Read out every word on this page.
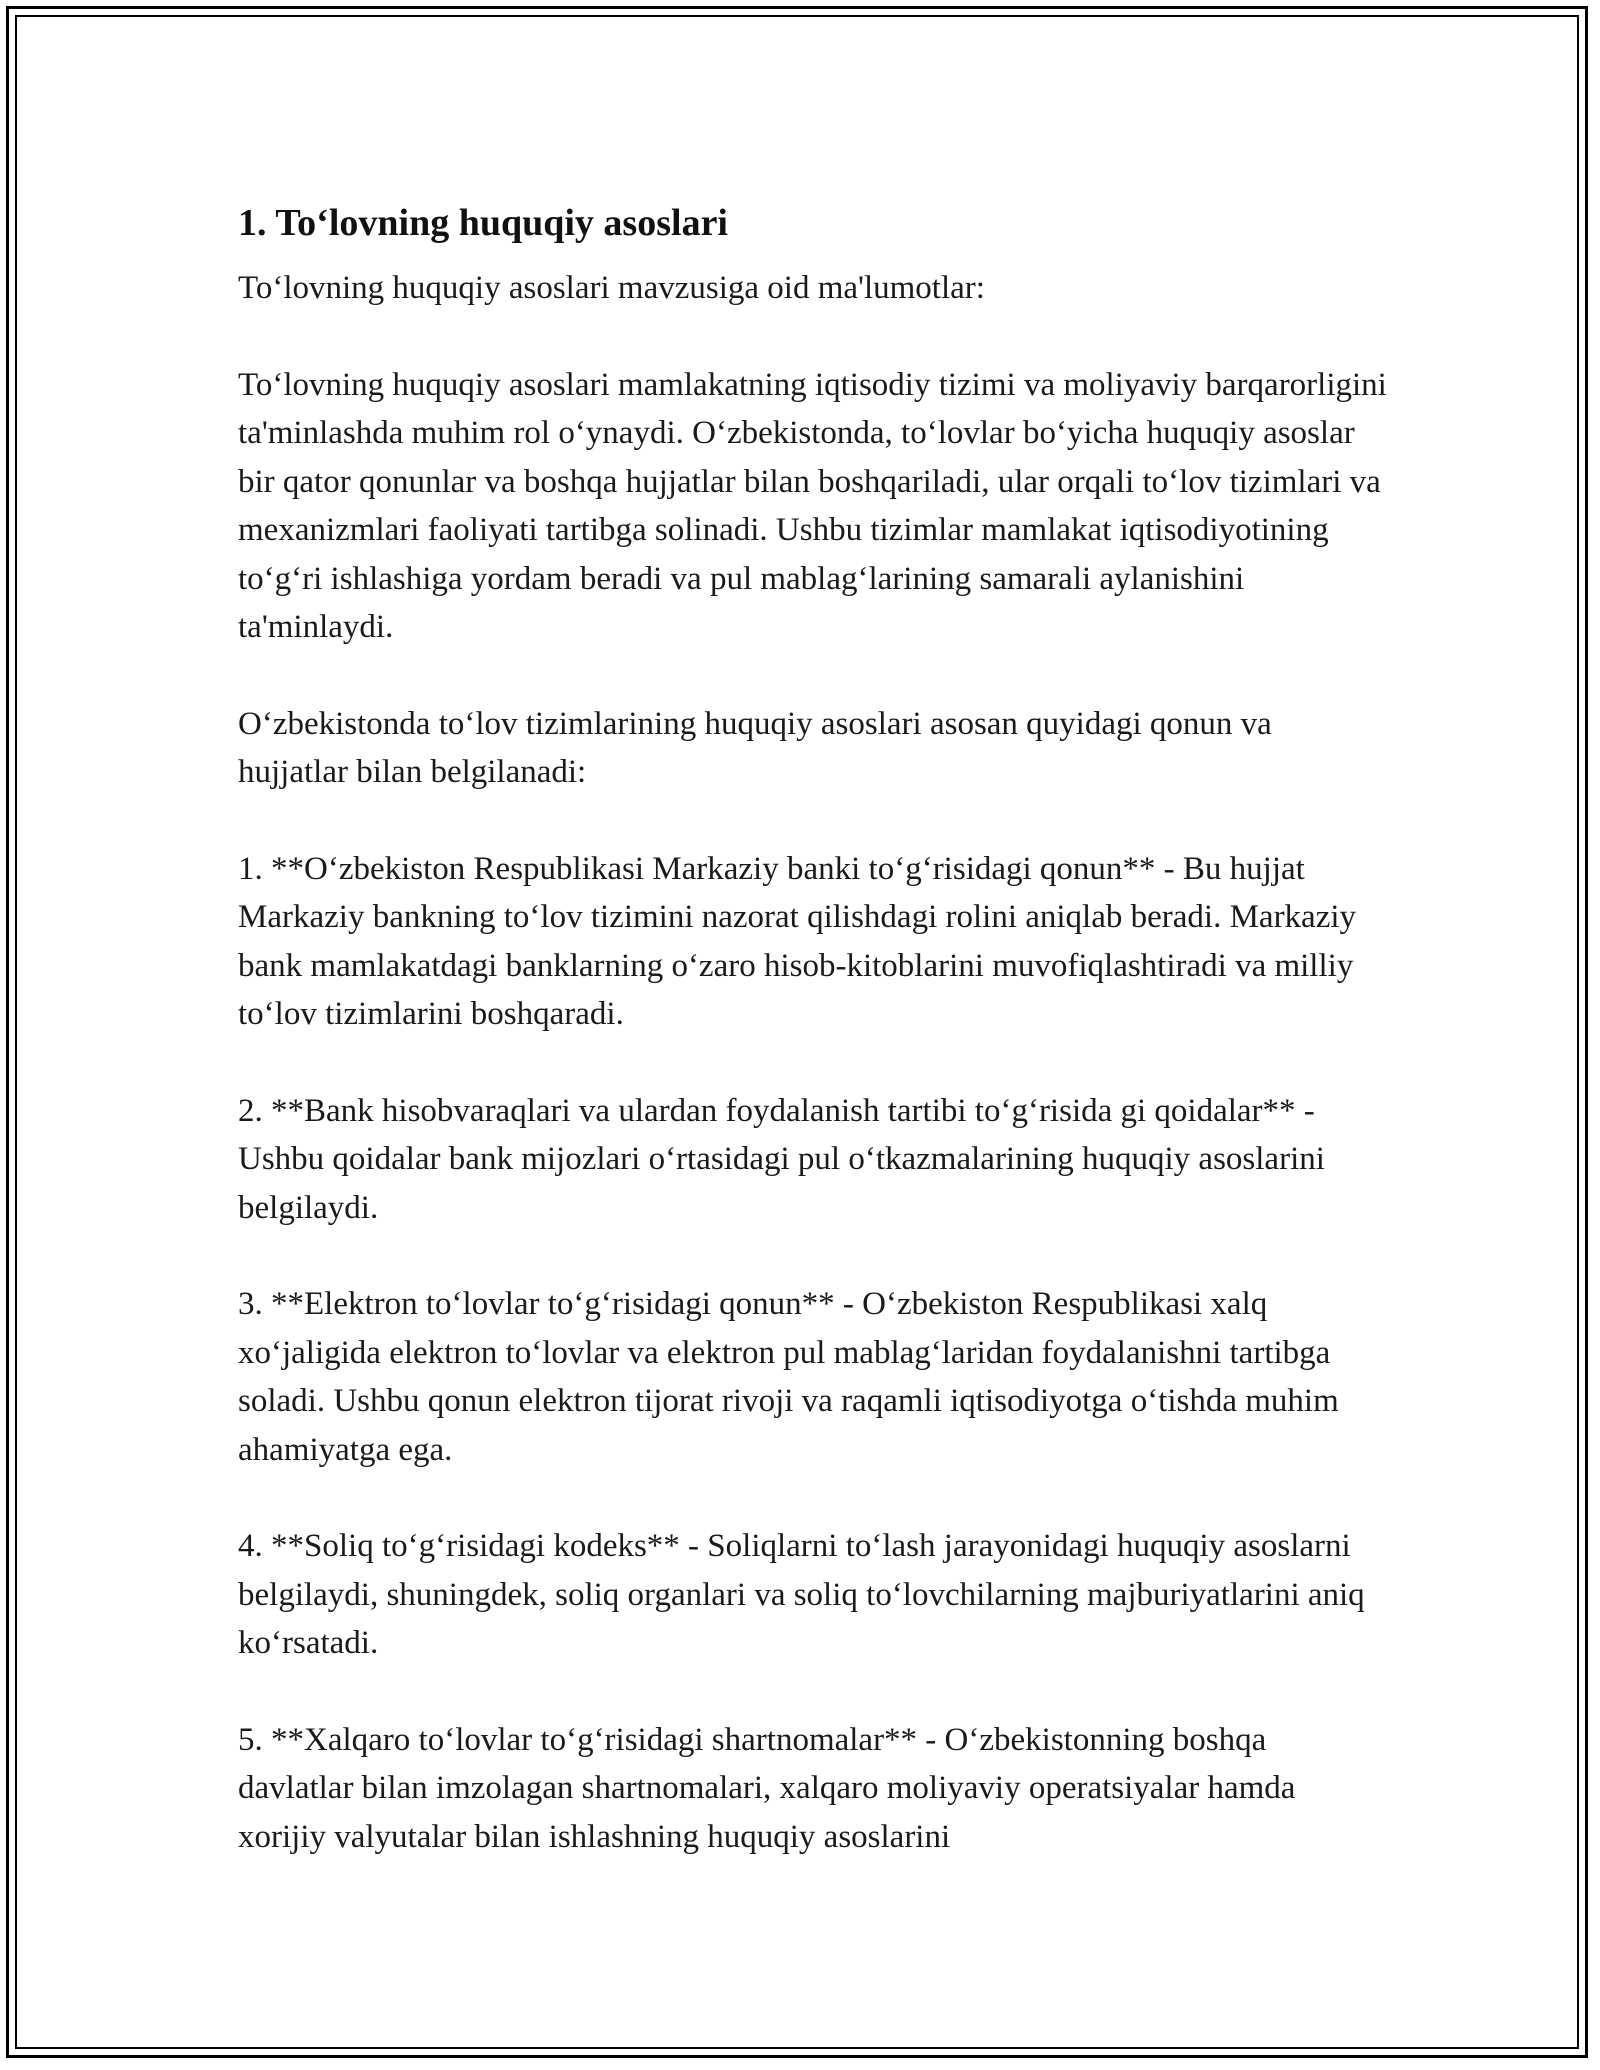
1. To‘lovning huquqiy asoslari

To‘lovning huquqiy asoslari mavzusiga oid ma'lumotlar:

To‘lovning huquqiy asoslari mamlakatning iqtisodiy tizimi va moliyaviy barqarorligini ta'minlashda muhim rol o‘ynaydi. O‘zbekistonda, to‘lovlar bo‘yicha huquqiy asoslar bir qator qonunlar va boshqa hujjatlar bilan boshqariladi, ular orqali to‘lov tizimlari va mexanizmlari faoliyati tartibga solinadi. Ushbu tizimlar mamlakat iqtisodiyotining to‘g‘ri ishlashiga yordam beradi va pul mablag‘larining samarali aylanishini ta'minlaydi.

O‘zbekistonda to‘lov tizimlarining huquqiy asoslari asosan quyidagi qonun va hujjatlar bilan belgilanadi:

1. **O‘zbekiston Respublikasi Markaziy banki to‘g‘risidagi qonun** - Bu hujjat Markaziy bankning to‘lov tizimini nazorat qilishdagi rolini aniqlab beradi. Markaziy bank mamlakatdagi banklarning o‘zaro hisob-kitoblarini muvofiqlashtiradi va milliy to‘lov tizimlarini boshqaradi.

2. **Bank hisobvaraqlari va ulardan foydalanish tartibi to‘g‘risida gi qoidalar** - Ushbu qoidalar bank mijozlari o‘rtasidagi pul o‘tkazmalarining huquqiy asoslarini belgilaydi.

3. **Elektron to‘lovlar to‘g‘risidagi qonun** - O‘zbekiston Respublikasi xalq xo‘jaligida elektron to‘lovlar va elektron pul mablag‘laridan foydalanishni tartibga soladi. Ushbu qonun elektron tijorat rivoji va raqamli iqtisodiyotga o‘tishda muhim ahamiyatga ega.

4. **Soliq to‘g‘risidagi kodeks** - Soliqlarni to‘lash jarayonidagi huquqiy asoslarni belgilaydi, shuningdek, soliq organlari va soliq to‘lovchilarning majburiyatlarini aniq ko‘rsatadi.

5. **Xalqaro to‘lovlar to‘g‘risidagi shartnomalar** - O‘zbekistonning boshqa davlatlar bilan imzolagan shartnomalari, xalqaro moliyaviy operatsiyalar hamda xorijiy valyutalar bilan ishlashning huquqiy asoslarini
